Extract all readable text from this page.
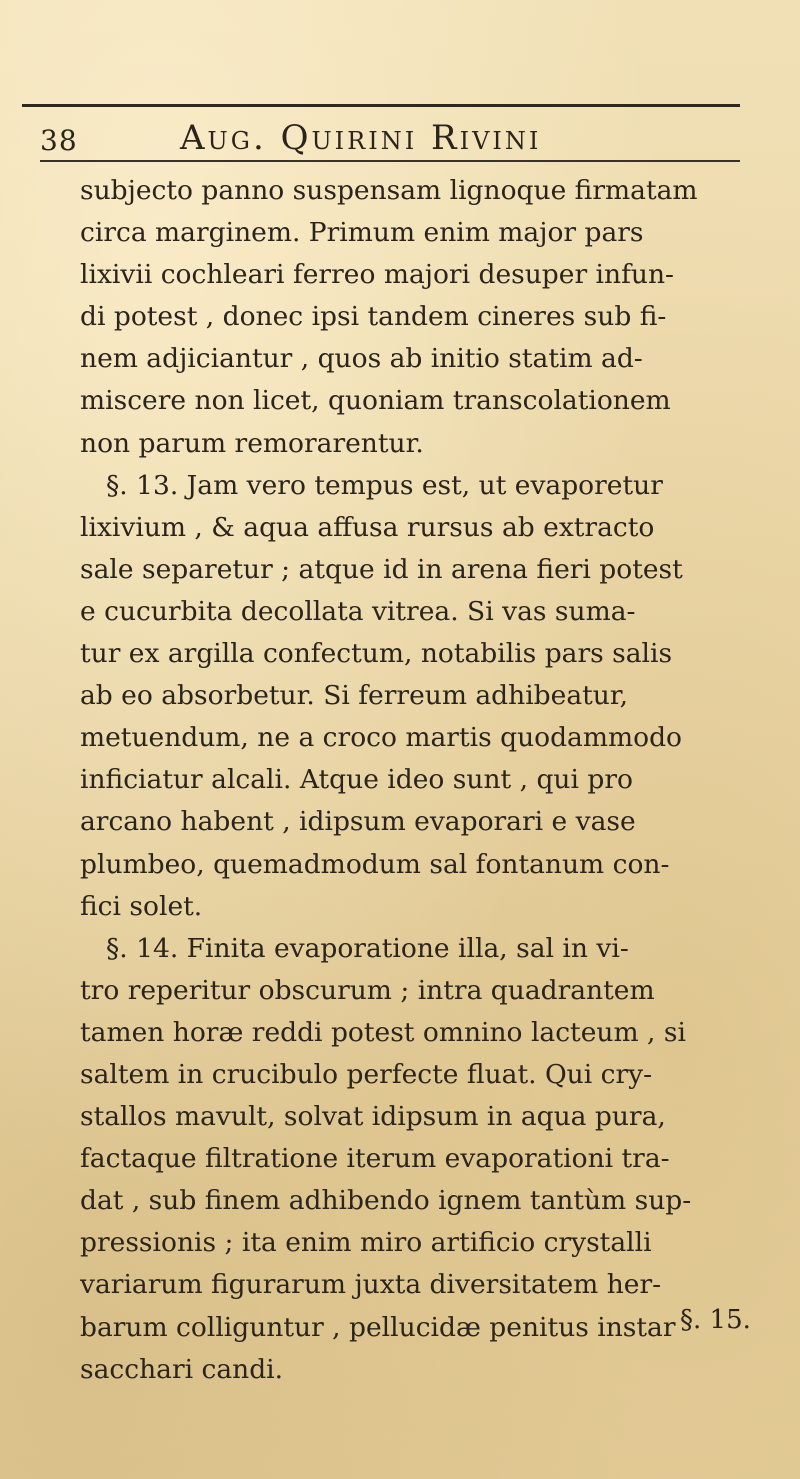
38	Aug. Quirini Rivini
subjecto panno suspensam lignoque firmatam
circa marginem. Primum enim major pars
lixivii cochleari ferreo majori desuper infun-
di potest , donec ipsi tandem cineres sub fi-
nem adjiciantur , quos ab initio statim ad-
miscere non licet, quoniam transcolationem
non parum remorarentur.
§. 13. Jam vero tempus est, ut evaporetur
lixivium , & aqua affusa rursus ab extracto
sale separetur ; atque id in arena fieri potest
e cucurbita decollata vitrea. Si vas suma-
tur ex argilla confectum, notabilis pars salis
ab eo absorbetur. Si ferreum adhibeatur,
metuendum, ne a croco martis quodammodo
inficiatur alcali. Atque ideo sunt , qui pro
arcano habent , idipsum evaporari e vase
plumbeo, quemadmodum sal fontanum con-
fici solet.
§. 14. Finita evaporatione illa, sal in vi-
tro reperitur obscurum ; intra quadrantem
tamen horæ reddi potest omnino lacteum , si
saltem in crucibulo perfecte fluat. Qui cry-
stallos mavult, solvat idipsum in aqua pura,
factaque filtratione iterum evaporationi tra-
dat , sub finem adhibendo ignem tantùm sup-
pressionis ; ita enim miro artificio crystalli
variarum figurarum juxta diversitatem her-
barum colliguntur , pellucidæ penitus instar
sacchari candi.
§. 15.
